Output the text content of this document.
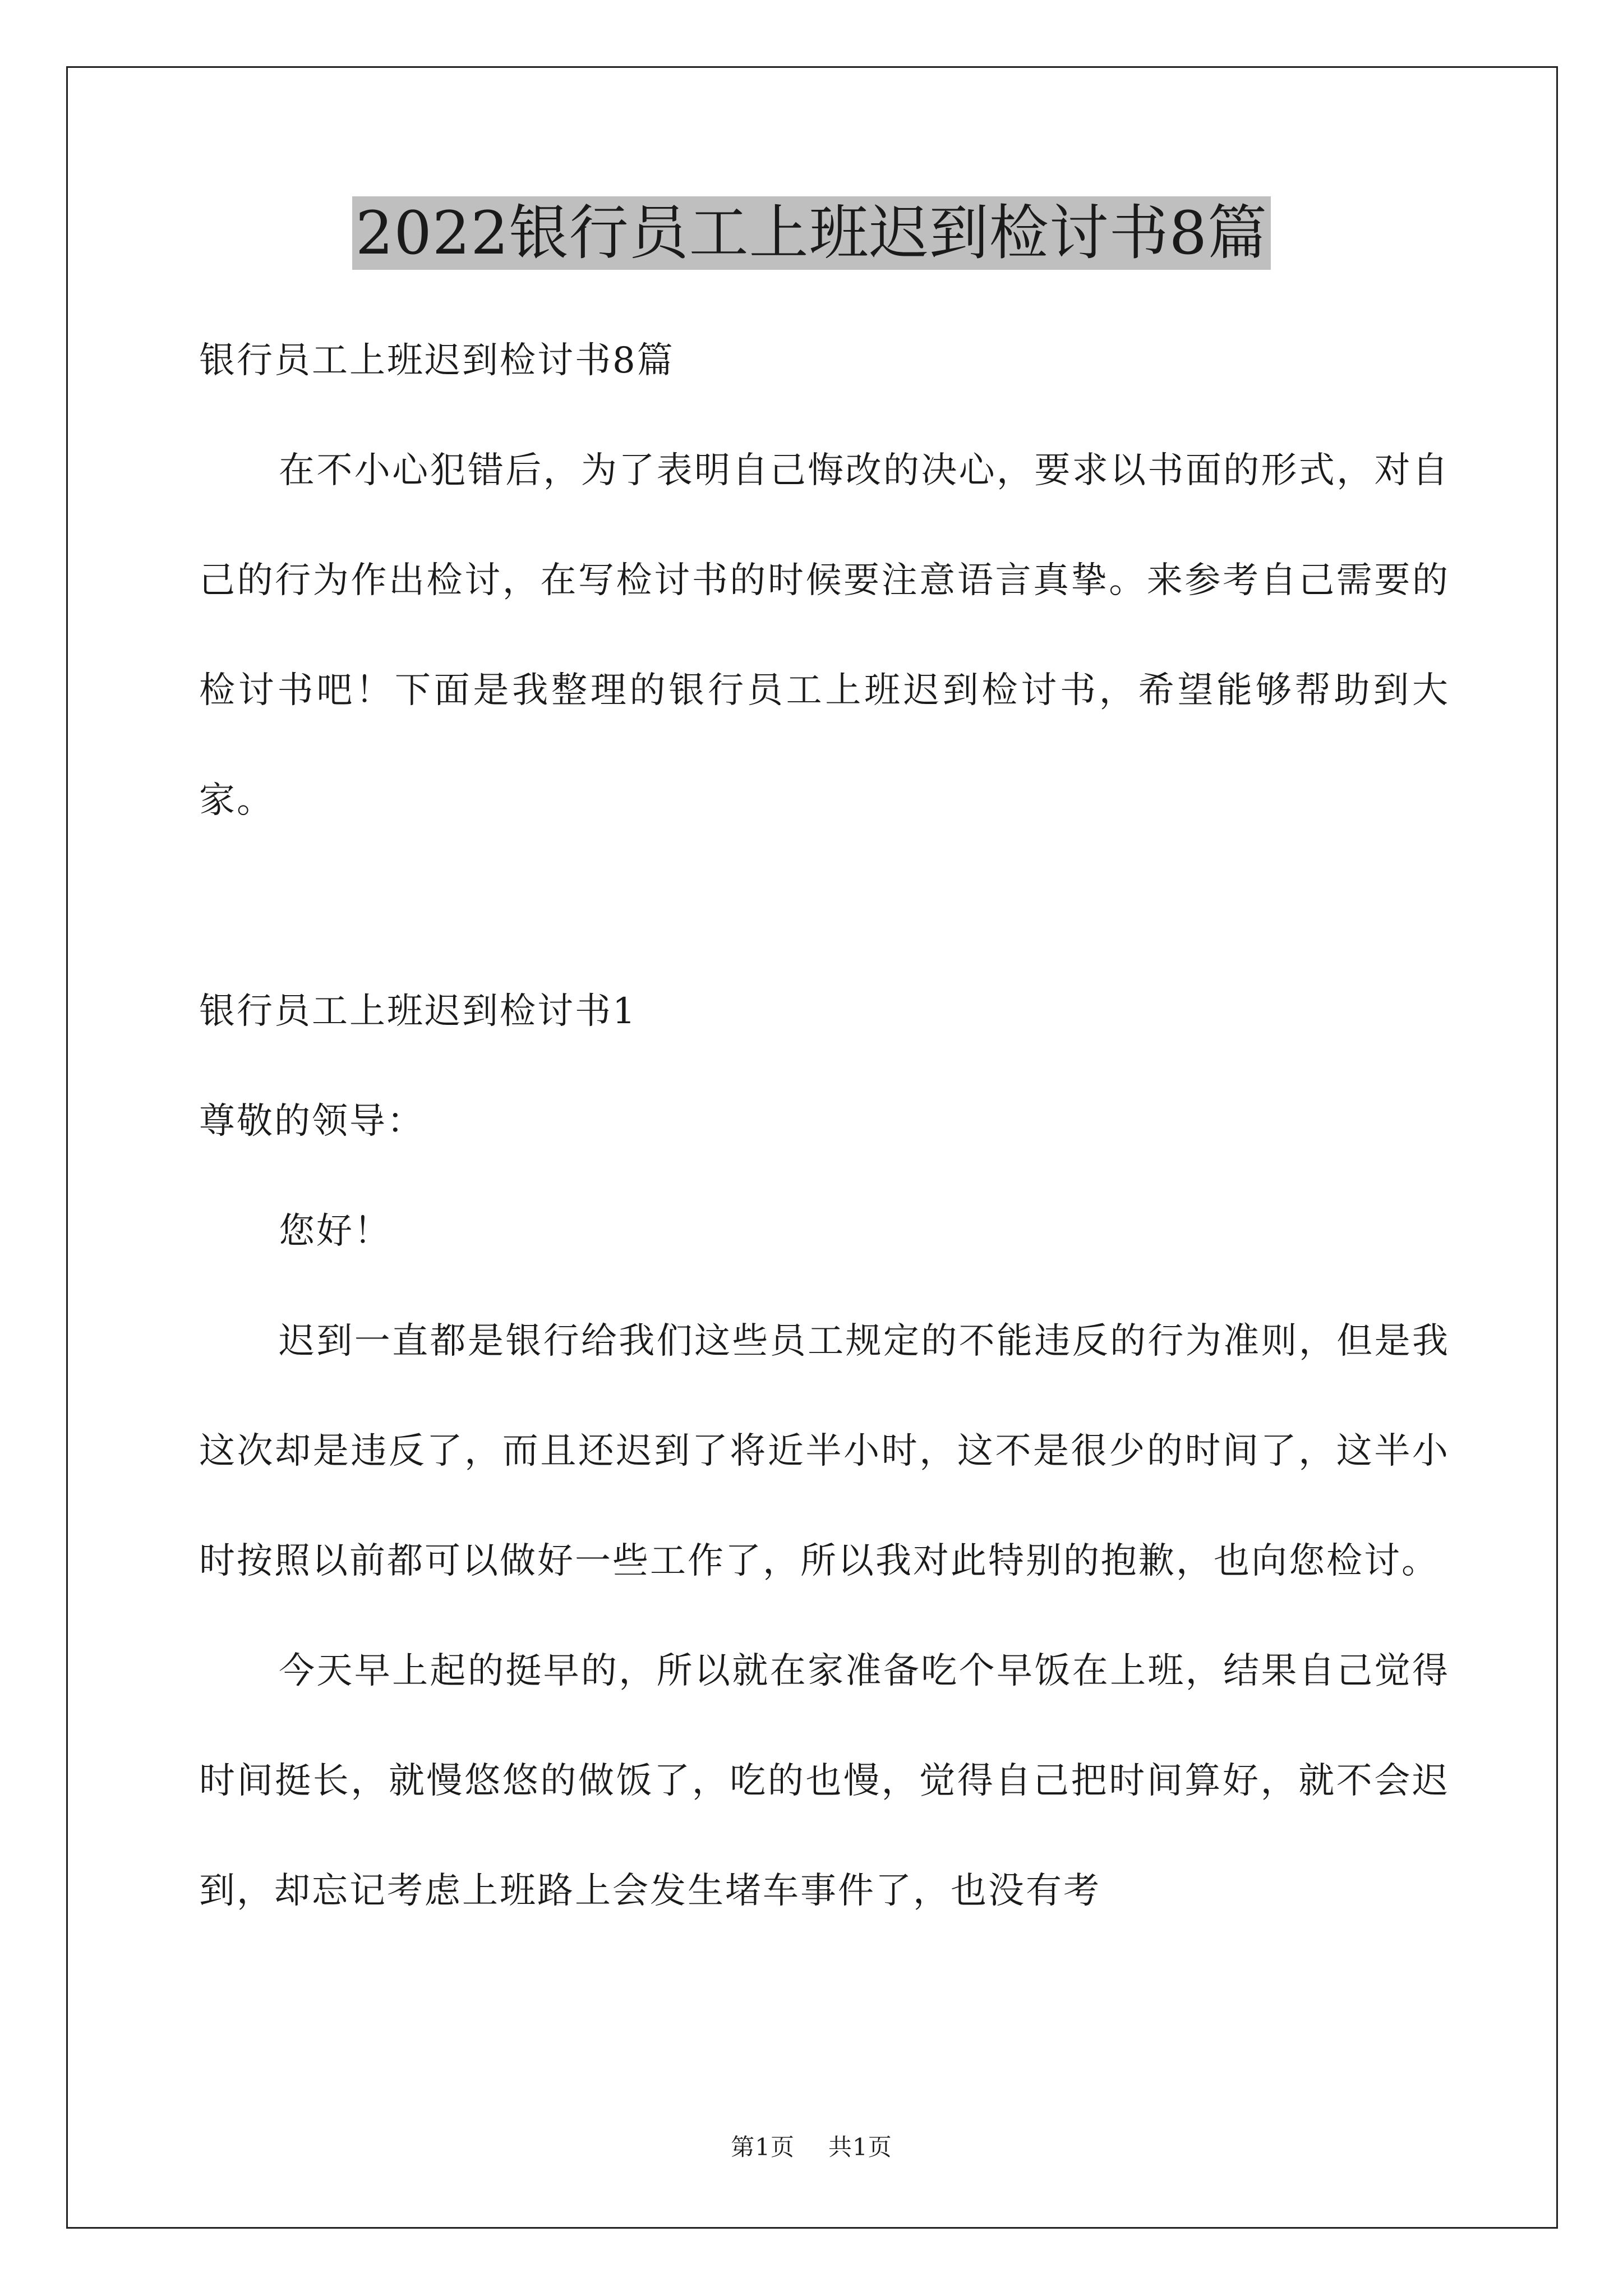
2022银行员工上班迟到检讨书8篇

银行员工上班迟到检讨书8篇

在不小心犯错后，为了表明自己悔改的决心，要求以书面的形式，对自己的行为作出检讨，在写检讨书的时候要注意语言真挚。来参考自己需要的检讨书吧！下面是我整理的银行员工上班迟到检讨书，希望能够帮助到大家。

银行员工上班迟到检讨书1

尊敬的领导：

您好！

迟到一直都是银行给我们这些员工规定的不能违反的行为准则，但是我这次却是违反了，而且还迟到了将近半小时，这不是很少的时间了，这半小时按照以前都可以做好一些工作了，所以我对此特别的抱歉，也向您检讨。

今天早上起的挺早的，所以就在家准备吃个早饭在上班，结果自己觉得时间挺长，就慢悠悠的做饭了，吃的也慢，觉得自己把时间算好，就不会迟到，却忘记考虑上班路上会发生堵车事件了，也没有考

第1页 共1页
